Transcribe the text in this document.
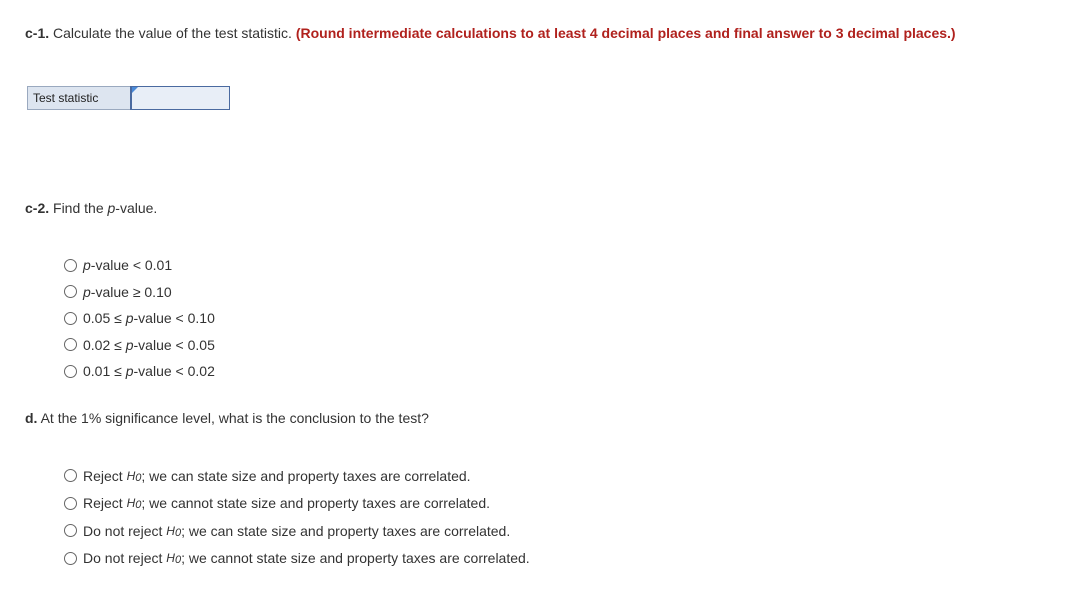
c-1. Calculate the value of the test statistic. (Round intermediate calculations to at least 4 decimal places and final answer to 3 decimal places.)
Test statistic
c-2. Find the p-value.
p -value < 0.01
p -value ≥ 0.10
0.05 ≤ p -value < 0.10
0.02 ≤ p -value < 0.05
0.01 ≤ p -value < 0.02
d. At the 1% significance level, what is the conclusion to the test?
Reject H0 ; we can state size and property taxes are correlated.
Reject H0 ; we cannot state size and property taxes are correlated.
Do not reject H0 ; we can state size and property taxes are correlated.
Do not reject H0 ; we cannot state size and property taxes are correlated.
